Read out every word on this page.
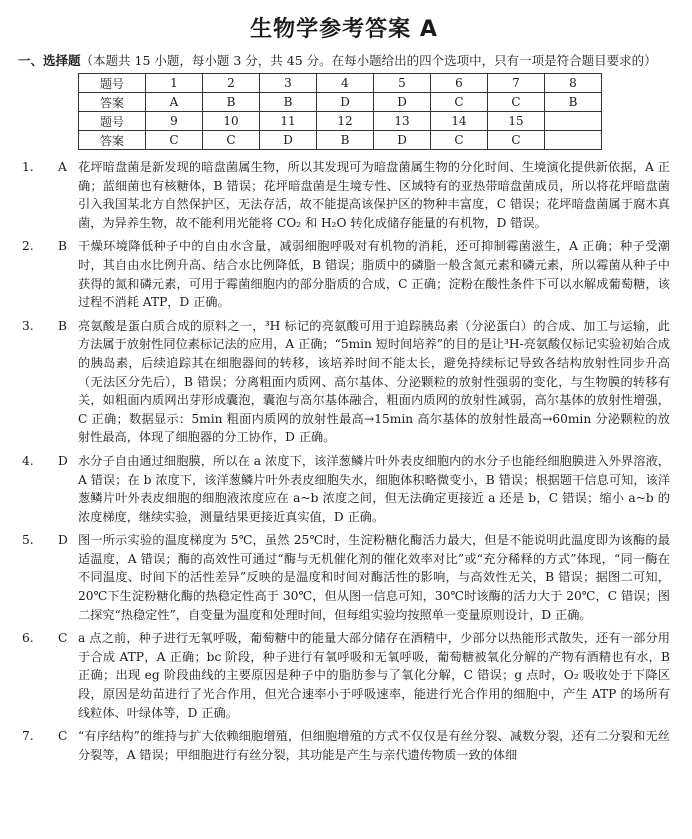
生物学参考答案 A
一、选择题（本题共 15 小题，每小题 3 分，共 45 分。在每小题给出的四个选项中，只有一项是符合题目要求的）
题号	1	2	3	4	5	6	7	8
答案	A	B	B	D	D	C	C	B
题号	9	10	11	12	13	14	15	
答案	C	C	D	B	D	C	C	
1.	A 花坪暗盘菌是新发现的暗盘菌属生物，所以其发现可为暗盘菌属生物的分化时间、生境演化提供新依据，A 正确；蓝细菌也有核糖体，B 错误；花坪暗盘菌是生境专性、区域特有的亚热带暗盘菌成员，所以将花坪暗盘菌引入我国某北方自然保护区，无法存活，故不能提高该保护区的物种丰富度，C 错误；花坪暗盘菌属于腐木真菌，为异养生物，故不能利用光能将 CO₂ 和 H₂O 转化成储存能量的有机物，D 错误。
2.	B 干燥环境降低种子中的自由水含量，减弱细胞呼吸对有机物的消耗，还可抑制霉菌滋生，A 正确；种子受潮时，其自由水比例升高、结合水比例降低，B 错误；脂质中的磷脂一般含氮元素和磷元素，所以霉菌从种子中获得的氮和磷元素，可用于霉菌细胞内的部分脂质的合成，C 正确；淀粉在酸性条件下可以水解成葡萄糖，该过程不消耗 ATP，D 正确。
3.	B 亮氨酸是蛋白质合成的原料之一，³H 标记的亮氨酸可用于追踪胰岛素（分泌蛋白）的合成、加工与运输，此方法属于放射性同位素标记法的应用，A 正确；“5min 短时间培养”的目的是让³H-亮氨酸仅标记实验初始合成的胰岛素，后续追踪其在细胞器间的转移，该培养时间不能太长，避免持续标记导致各结构放射性同步升高（无法区分先后），B 错误；分离粗面内质网、高尔基体、分泌颗粒的放射性强弱的变化，与生物膜的转移有关，如粗面内质网出芽形成囊泡，囊泡与高尔基体融合，粗面内质网的放射性减弱，高尔基体的放射性增强，C 正确；数据显示：5min 粗面内质网的放射性最高→15min 高尔基体的放射性最高→60min 分泌颗粒的放射性最高，体现了细胞器的分工协作，D 正确。
4.	D 水分子自由通过细胞膜，所以在 a 浓度下，该洋葱鳞片叶外表皮细胞内的水分子也能经细胞膜进入外界溶液，A 错误；在 b 浓度下，该洋葱鳞片叶外表皮细胞失水，细胞体积略微变小，B 错误；根据题干信息可知，该洋葱鳞片叶外表皮细胞的细胞液浓度应在 a~b 浓度之间，但无法确定更接近 a 还是 b，C 错误；缩小 a~b 的浓度梯度，继续实验，测量结果更接近真实值，D 正确。
5.	D 图一所示实验的温度梯度为 5℃，虽然 25℃时，生淀粉糖化酶活力最大，但是不能说明此温度即为该酶的最适温度，A 错误；酶的高效性可通过“酶与无机催化剂的催化效率对比”或“充分稀释的方式”体现，“同一酶在不同温度、时间下的活性差异”反映的是温度和时间对酶活性的影响，与高效性无关，B 错误；据图二可知，20℃下生淀粉糖化酶的热稳定性高于 30℃，但从图一信息可知，30℃时该酶的活力大于 20℃，C 错误；图二探究“热稳定性”，自变量为温度和处理时间，但每组实验均按照单一变量原则设计，D 正确。
6.	C a 点之前，种子进行无氧呼吸，葡萄糖中的能量大部分储存在酒精中，少部分以热能形式散失，还有一部分用于合成 ATP，A 正确；bc 阶段，种子进行有氧呼吸和无氧呼吸，葡萄糖被氧化分解的产物有酒精也有水，B 正确；出现 eg 阶段曲线的主要原因是种子中的脂肪参与了氧化分解，C 错误；g 点时，O₂ 吸收处于下降区段，原因是幼苗进行了光合作用，但光合速率小于呼吸速率，能进行光合作用的细胞中，产生 ATP 的场所有线粒体、叶绿体等，D 正确。
7.	C “有序结构”的维持与扩大依赖细胞增殖，但细胞增殖的方式不仅仅是有丝分裂、减数分裂，还有二分裂和无丝分裂等，A 错误；甲细胞进行有丝分裂，其功能是产生与亲代遗传物质一致的体细
